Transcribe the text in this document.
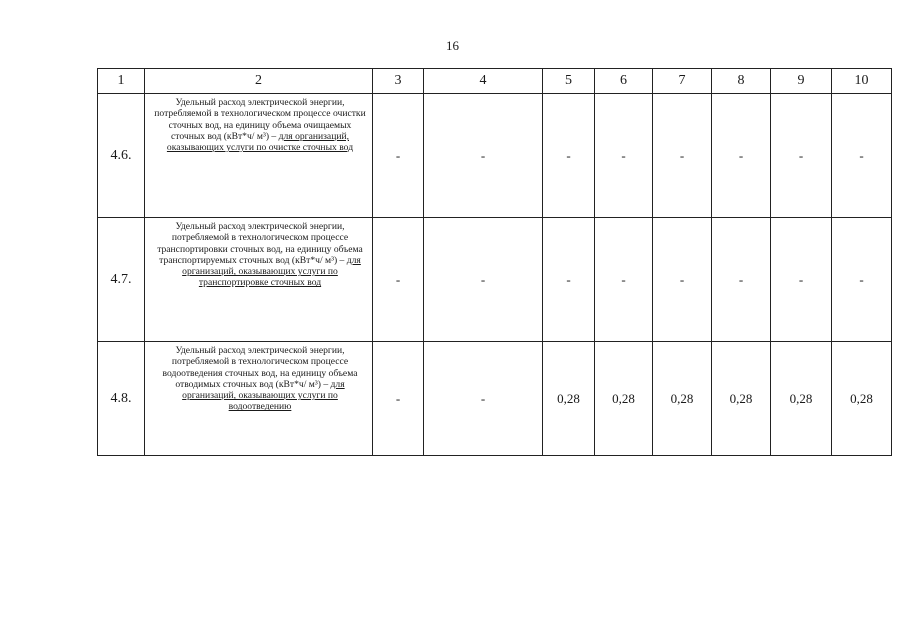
16
1	2	3	4	5	6	7	8	9	10
4.6.	Удельный расход электрической энергии, потребляемой в технологическом процессе очистки сточных вод, на единицу объема очищаемых сточных вод (кВт*ч/ м³) – для организаций, оказывающих услуги по очистке сточных вод	-	-	-	-	-	-	-	-
4.7.	Удельный расход электрической энергии, потребляемой в технологическом процессе транспортировки сточных вод, на единицу объема транспортируемых сточных вод (кВт*ч/ м³) – для организаций, оказывающих услуги по транспортировке сточных вод	-	-	-	-	-	-	-	-
4.8.	Удельный расход электрической энергии, потребляемой в технологическом процессе водоотведения сточных вод, на единицу объема отводимых сточных вод (кВт*ч/ м³) – для организаций, оказывающих услуги по водоотведению	-	-	0,28	0,28	0,28	0,28	0,28	0,28
